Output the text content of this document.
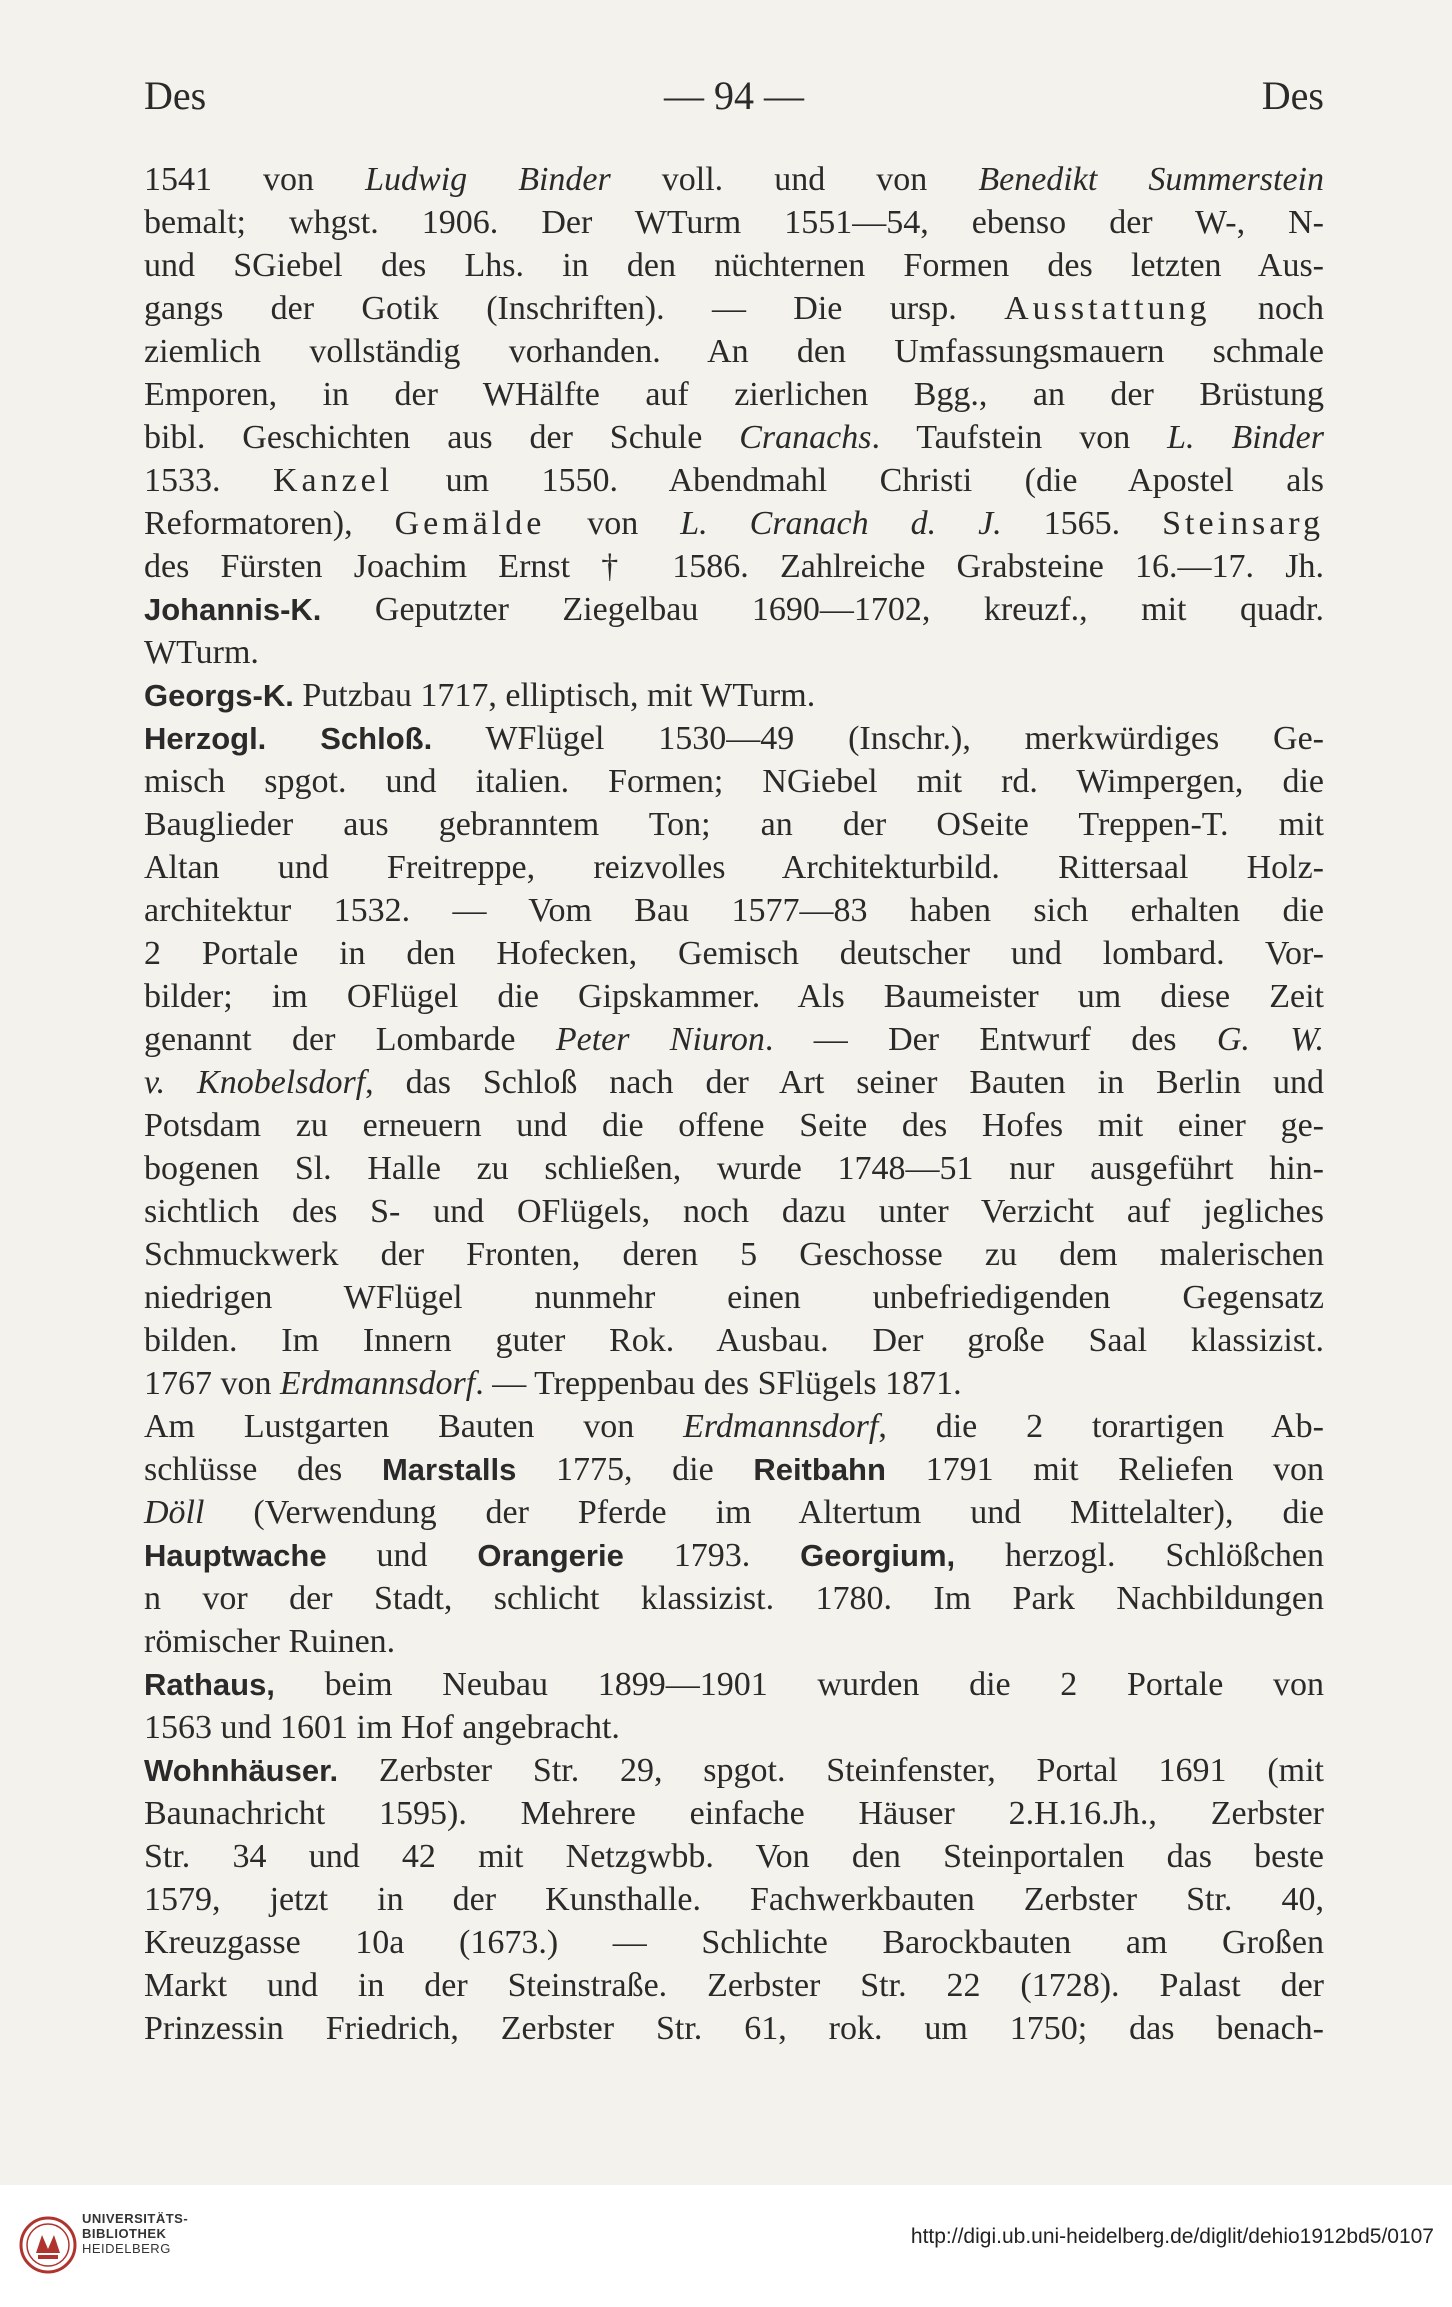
Des	— 94 —	Des
1541 von Ludwig Binder voll. und von Benedikt Summerstein
bemalt; whgst. 1906. Der WTurm 1551—54, ebenso der W-, N-
und SGiebel des Lhs. in den nüchternen Formen des letzten Aus-
gangs der Gotik (Inschriften). — Die ursp. Ausstattung noch
ziemlich vollständig vorhanden. An den Umfassungsmauern schmale
Emporen, in der WHälfte auf zierlichen Bgg., an der Brüstung
bibl. Geschichten aus der Schule Cranachs. Taufstein von L. Binder
1533. Kanzel um 1550. Abendmahl Christi (die Apostel als
Reformatoren), Gemälde von L. Cranach d. J. 1565. Steinsarg
des Fürsten Joachim Ernst † 1586. Zahlreiche Grabsteine 16.—17. Jh.
Johannis-K. Geputzter Ziegelbau 1690—1702, kreuzf., mit quadr.
WTurm.
Georgs-K. Putzbau 1717, elliptisch, mit WTurm.
Herzogl. Schloß. WFlügel 1530—49 (Inschr.), merkwürdiges Ge-
misch spgot. und italien. Formen; NGiebel mit rd. Wimpergen, die
Bauglieder aus gebranntem Ton; an der OSeite Treppen-T. mit
Altan und Freitreppe, reizvolles Architekturbild. Rittersaal Holz-
architektur 1532. — Vom Bau 1577—83 haben sich erhalten die
2 Portale in den Hofecken, Gemisch deutscher und lombard. Vor-
bilder; im OFlügel die Gipskammer. Als Baumeister um diese Zeit
genannt der Lombarde Peter Niuron. — Der Entwurf des G. W.
v. Knobelsdorf, das Schloß nach der Art seiner Bauten in Berlin und
Potsdam zu erneuern und die offene Seite des Hofes mit einer ge-
bogenen Sl. Halle zu schließen, wurde 1748—51 nur ausgeführt hin-
sichtlich des S- und OFlügels, noch dazu unter Verzicht auf jegliches
Schmuckwerk der Fronten, deren 5 Geschosse zu dem malerischen
niedrigen WFlügel nunmehr einen unbefriedigenden Gegensatz
bilden. Im Innern guter Rok. Ausbau. Der große Saal klassizist.
1767 von Erdmannsdorf. — Treppenbau des SFlügels 1871.
Am Lustgarten Bauten von Erdmannsdorf, die 2 torartigen Ab-
schlüsse des Marstalls 1775, die Reitbahn 1791 mit Reliefen von
Döll (Verwendung der Pferde im Altertum und Mittelalter), die
Hauptwache und Orangerie 1793. Georgium, herzogl. Schlößchen
n vor der Stadt, schlicht klassizist. 1780. Im Park Nachbildungen
römischer Ruinen.
Rathaus, beim Neubau 1899—1901 wurden die 2 Portale von
1563 und 1601 im Hof angebracht.
Wohnhäuser. Zerbster Str. 29, spgot. Steinfenster, Portal 1691 (mit
Baunachricht 1595). Mehrere einfache Häuser 2.H.16.Jh., Zerbster
Str. 34 und 42 mit Netzgwbb. Von den Steinportalen das beste
1579, jetzt in der Kunsthalle. Fachwerkbauten Zerbster Str. 40,
Kreuzgasse 10a (1673.) — Schlichte Barockbauten am Großen
Markt und in der Steinstraße. Zerbster Str. 22 (1728). Palast der
Prinzessin Friedrich, Zerbster Str. 61, rok. um 1750; das benach-
UNIVERSITÄTS-
BIBLIOTHEK
HEIDELBERG
http://digi.ub.uni-heidelberg.de/diglit/dehio1912bd5/0107
